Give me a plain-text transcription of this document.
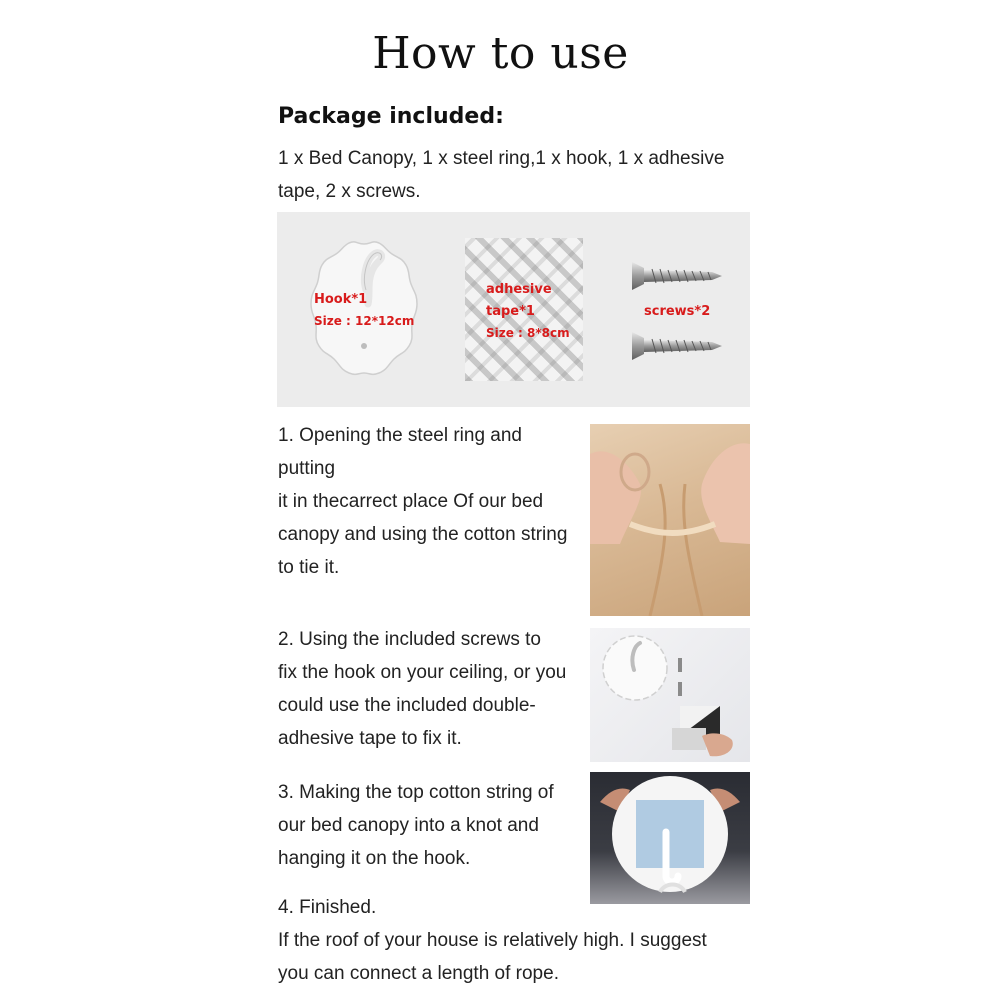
How to use
Package included:
1 x Bed Canopy, 1 x steel ring,1 x hook, 1 x adhesive
tape, 2 x screws.
Hook*1
Size : 12*12cm
adhesive
tape*1
Size : 8*8cm
screws*2
1. Opening the steel ring and putting
it in thecarrect place Of our bed
canopy and using the cotton string
to tie it.
2. Using the included screws to
fix the hook on your ceiling, or you
could use the included double-
adhesive tape to fix it.
3. Making the top cotton string of
our bed canopy into a knot and
hanging it on the hook.
4. Finished.
If the roof of your house is relatively high. I suggest
you can connect a length of rope.
